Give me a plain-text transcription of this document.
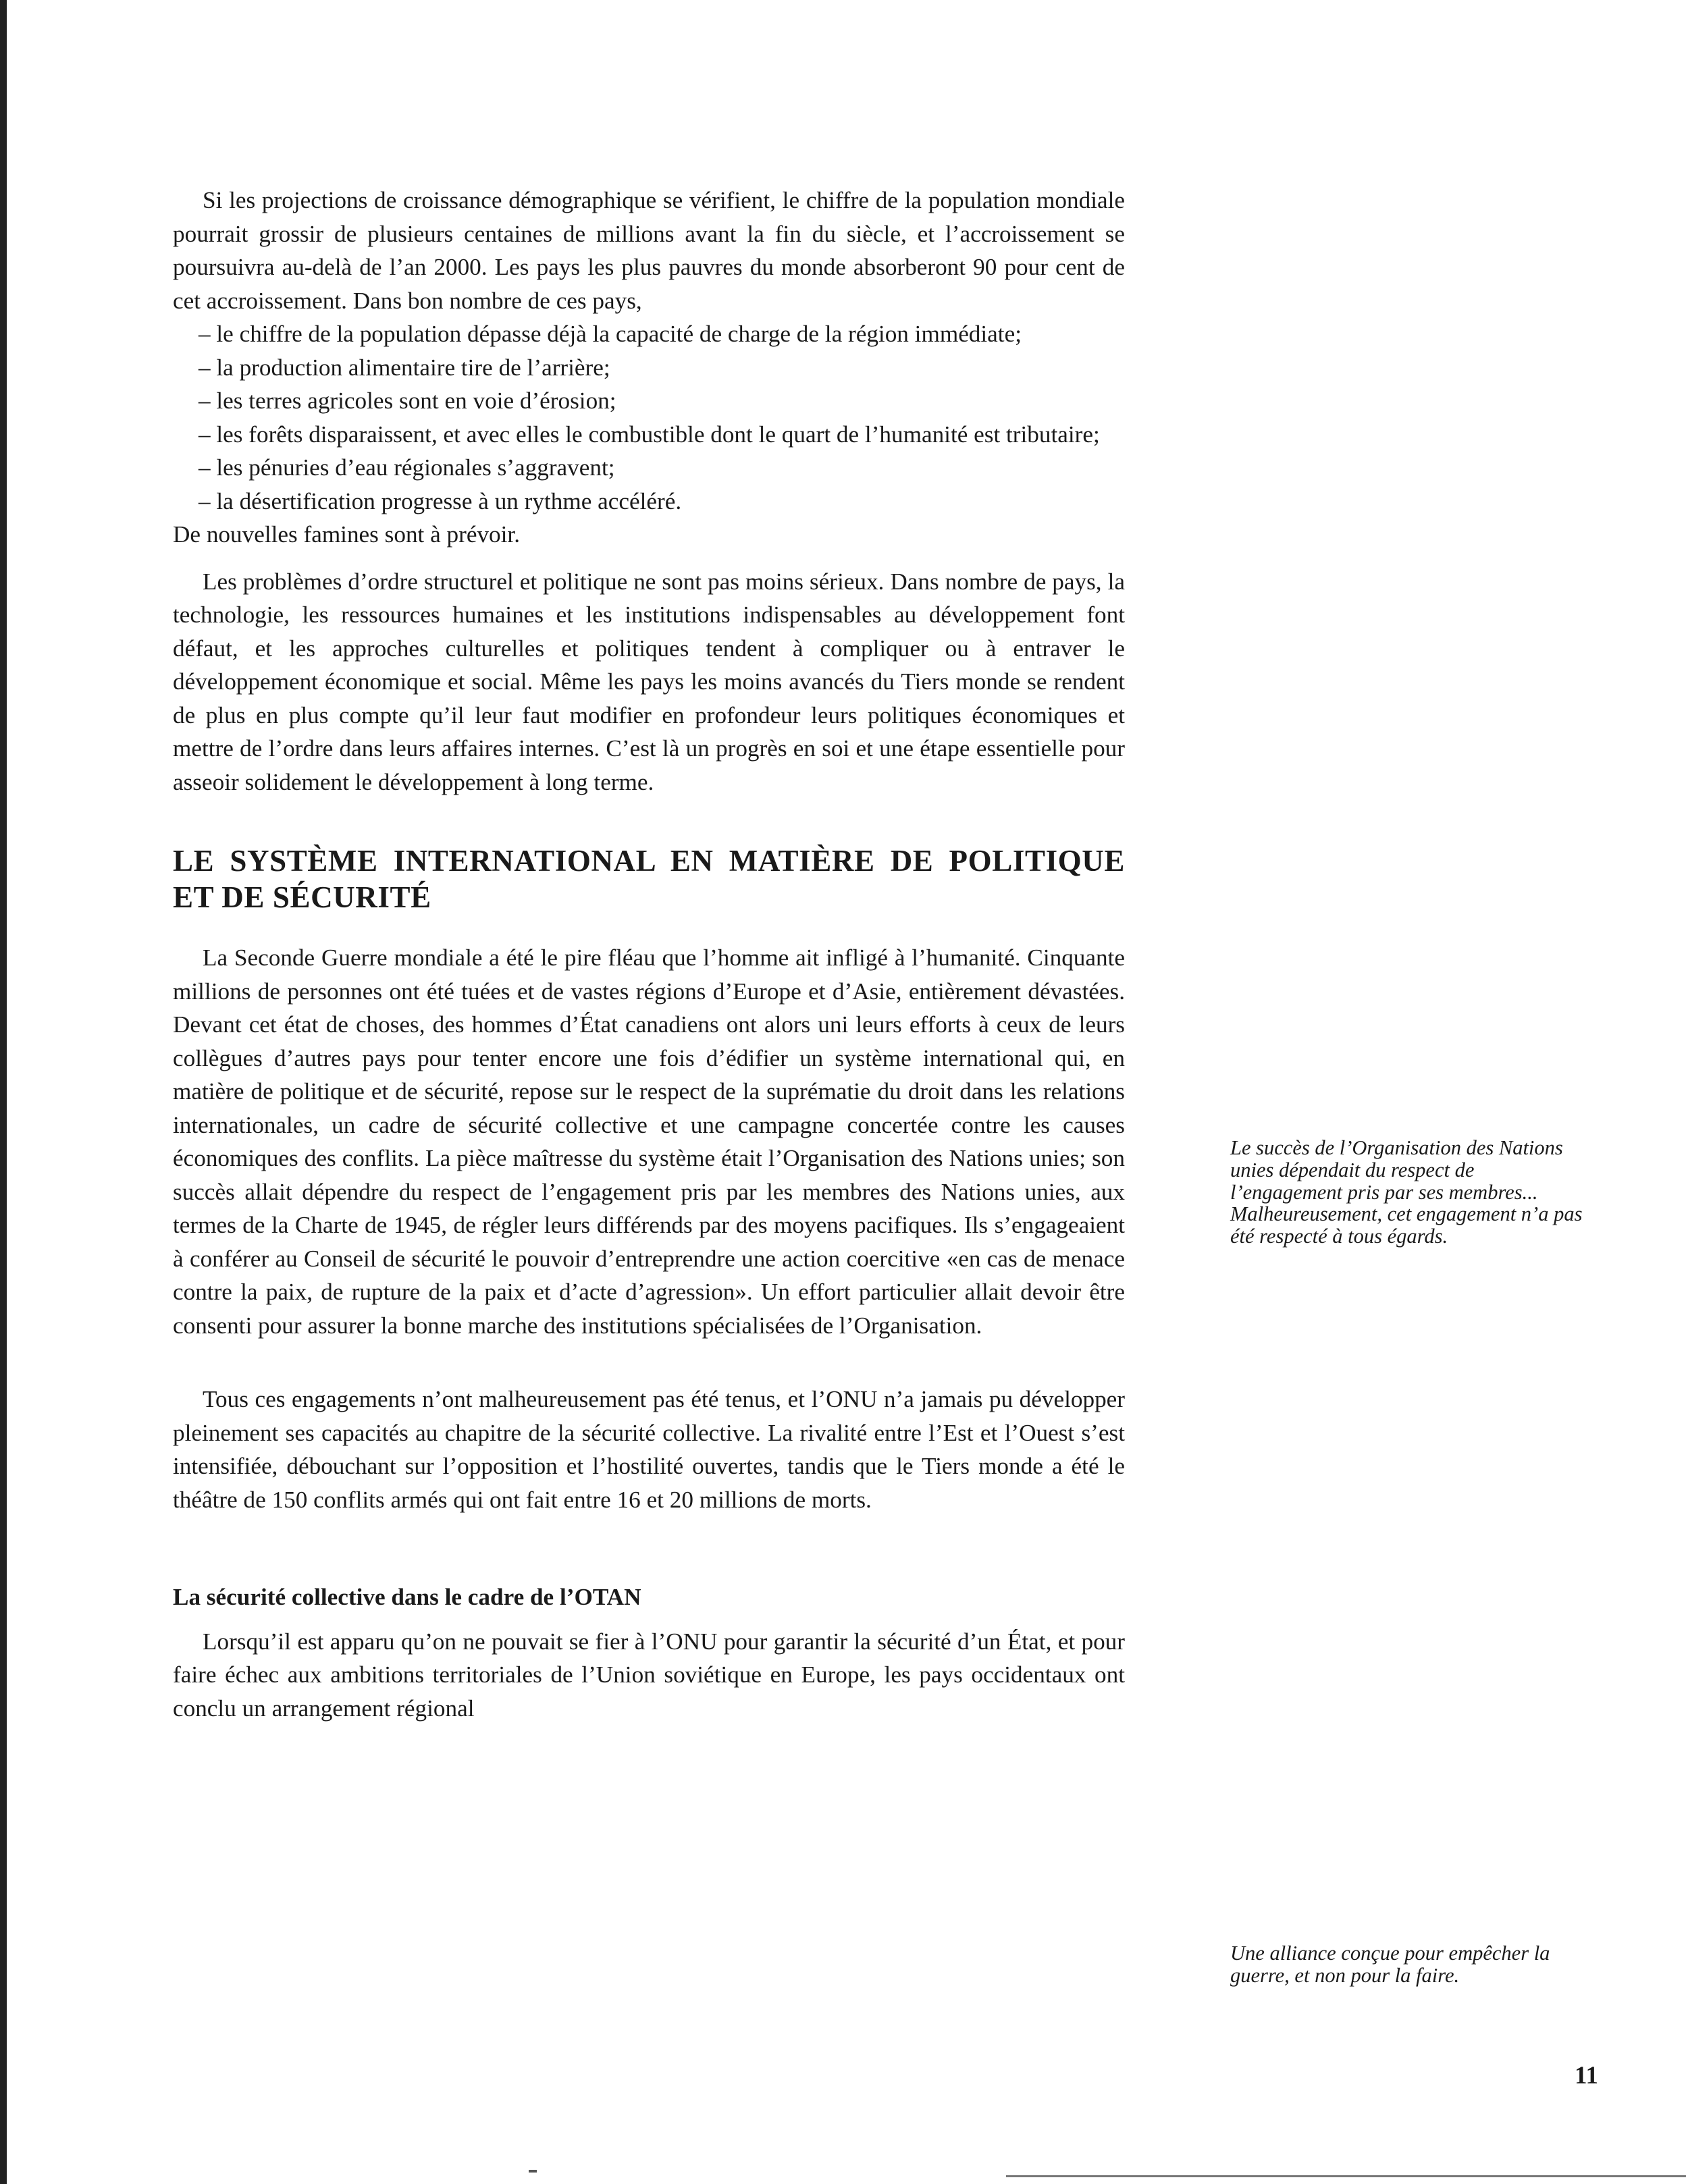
Si les projections de croissance démographique se vérifient, le chiffre de la population mondiale pourrait grossir de plusieurs centaines de millions avant la fin du siècle, et l’accroissement se poursuivra au-delà de l’an 2000. Les pays les plus pauvres du monde absorberont 90 pour cent de cet accroissement. Dans bon nombre de ces pays,

– le chiffre de la population dépasse déjà la capacité de charge de la région immédiate;
– la production alimentaire tire de l’arrière;
– les terres agricoles sont en voie d’érosion;
– les forêts disparaissent, et avec elles le combustible dont le quart de l’humanité est tributaire;
– les pénuries d’eau régionales s’aggravent;
– la désertification progresse à un rythme accéléré.

De nouvelles famines sont à prévoir.

Les problèmes d’ordre structurel et politique ne sont pas moins sérieux. Dans nombre de pays, la technologie, les ressources humaines et les institutions indispensables au développement font défaut, et les approches culturelles et politiques tendent à compliquer ou à entraver le développement économique et social. Même les pays les moins avancés du Tiers monde se rendent de plus en plus compte qu’il leur faut modifier en profondeur leurs politiques économiques et mettre de l’ordre dans leurs affaires internes. C’est là un progrès en soi et une étape essentielle pour asseoir solidement le développement à long terme.

LE SYSTÈME INTERNATIONAL EN MATIÈRE DE POLITIQUE ET DE SÉCURITÉ

La Seconde Guerre mondiale a été le pire fléau que l’homme ait infligé à l’humanité. Cinquante millions de personnes ont été tuées et de vastes régions d’Europe et d’Asie, entièrement dévastées. Devant cet état de choses, des hommes d’État canadiens ont alors uni leurs efforts à ceux de leurs collègues d’autres pays pour tenter encore une fois d’édifier un système international qui, en matière de politique et de sécurité, repose sur le respect de la suprématie du droit dans les relations internationales, un cadre de sécurité collective et une campagne concertée contre les causes économiques des conflits. La pièce maîtresse du système était l’Organisation des Nations unies; son succès allait dépendre du respect de l’engagement pris par les membres des Nations unies, aux termes de la Charte de 1945, de régler leurs différends par des moyens pacifiques. Ils s’engageaient à conférer au Conseil de sécurité le pouvoir d’entreprendre une action coercitive «en cas de menace contre la paix, de rupture de la paix et d’acte d’agression». Un effort particulier allait devoir être consenti pour assurer la bonne marche des institutions spécialisées de l’Organisation.

Tous ces engagements n’ont malheureusement pas été tenus, et l’ONU n’a jamais pu développer pleinement ses capacités au chapitre de la sécurité collective. La rivalité entre l’Est et l’Ouest s’est intensifiée, débouchant sur l’opposition et l’hostilité ouvertes, tandis que le Tiers monde a été le théâtre de 150 conflits armés qui ont fait entre 16 et 20 millions de morts.

La sécurité collective dans le cadre de l’OTAN

Lorsqu’il est apparu qu’on ne pouvait se fier à l’ONU pour garantir la sécurité d’un État, et pour faire échec aux ambitions territoriales de l’Union soviétique en Europe, les pays occidentaux ont conclu un arrangement régional

Le succès de l’Organisation des Nations unies dépendait du respect de l’engagement pris par ses membres... Malheureusement, cet engagement n’a pas été respecté à tous égards.

Une alliance conçue pour empêcher la guerre, et non pour la faire.

11
